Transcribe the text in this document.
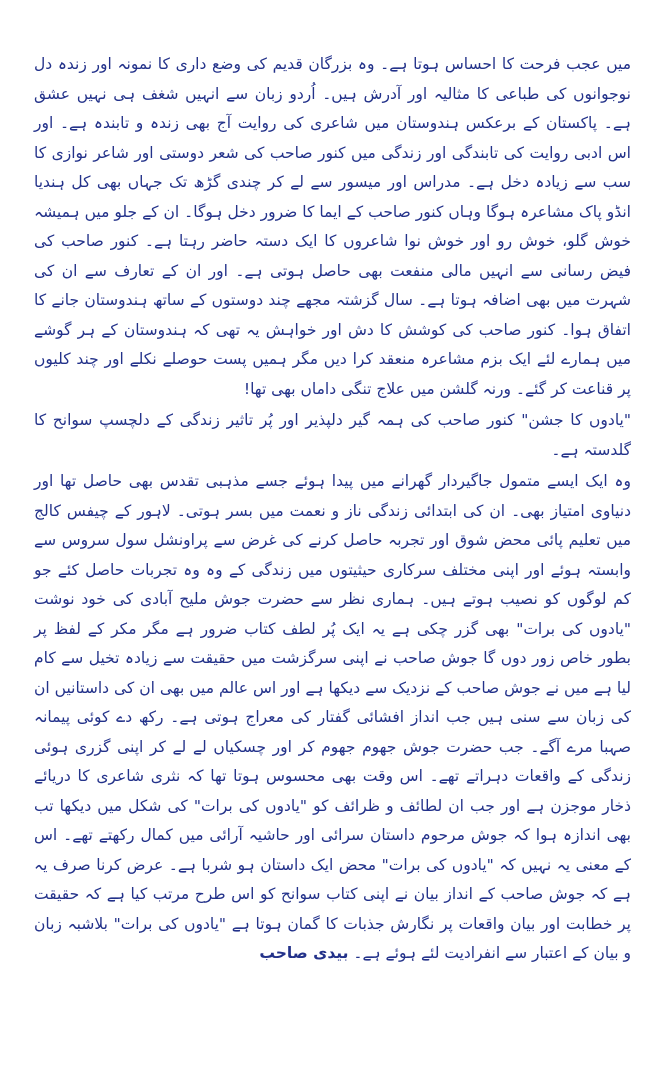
میں عجب فرحت کا احساس ہوتا ہے۔ وہ بزرگان قدیم کی وضع داری کا نمونہ اور زندہ دل نوجوانوں کی طباعی کا مثالیہ اور آدرش ہیں۔ اُردو زبان سے انہیں شغف ہی نہیں عشق ہے۔ پاکستان کے برعکس ہندوستان میں شاعری کی روایت آج بھی زندہ و تابندہ ہے۔ اور اس ادبی روایت کی تابندگی اور زندگی میں کنور صاحب کی شعر دوستی اور شاعر نوازی کا سب سے زیادہ دخل ہے۔ مدراس اور میسور سے لے کر چندی گڑھ تک جہاں بھی کل ہندیا انڈو پاک مشاعرہ ہوگا وہاں کنور صاحب کے ایما کا ضرور دخل ہوگا۔ ان کے جلو میں ہمیشہ خوش گلو، خوش رو اور خوش نوا شاعروں کا ایک دستہ حاضر رہتا ہے۔ کنور صاحب کی فیض رسانی سے انہیں مالی منفعت بھی حاصل ہوتی ہے۔ اور ان کے تعارف سے ان کی شہرت میں بھی اضافہ ہوتا ہے۔ سال گزشتہ مجھے چند دوستوں کے ساتھ ہندوستان جانے کا اتفاق ہوا۔ کنور صاحب کی کوشش کا دش اور خواہش یہ تھی کہ ہندوستان کے ہر گوشے میں ہمارے لئے ایک بزم مشاعرہ منعقد کرا دیں مگر ہمیں پست حوصلے نکلے اور چند کلیوں پر قناعت کر گئے۔ ورنہ گلشن میں علاج تنگی داماں بھی تھا!

"یادوں کا جشن" کنور صاحب کی ہمہ گیر دلپذیر اور پُر تاثیر زندگی کے دلچسپ سوانح کا گلدستہ ہے۔

وہ ایک ایسے متمول جاگیردار گھرانے میں پیدا ہوئے جسے مذہبی تقدس بھی حاصل تھا اور دنیاوی امتیاز بھی۔ ان کی ابتدائی زندگی ناز و نعمت میں بسر ہوتی۔ لاہور کے چیفس کالج میں تعلیم پائی محض شوق اور تجربہ حاصل کرنے کی غرض سے پراونشل سول سروس سے وابستہ ہوئے اور اپنی مختلف سرکاری حیثیتوں میں زندگی کے وہ وہ تجربات حاصل کئے جو کم لوگوں کو نصیب ہوتے ہیں۔ ہماری نظر سے حضرت جوش ملیح آبادی کی خود نوشت "یادوں کی برات" بھی گزر چکی ہے یہ ایک پُر لطف کتاب ضرور ہے مگر مکر کے لفظ پر بطور خاص زور دوں گا جوش صاحب نے اپنی سرگزشت میں حقیقت سے زیادہ تخیل سے کام لیا ہے میں نے جوش صاحب کے نزدیک سے دیکھا ہے اور اس عالم میں بھی ان کی داستانیں ان کی زبان سے سنی ہیں جب انداز افشائی گفتار کی معراج ہوتی ہے۔ رکھ دے کوئی پیمانہ صہبا مرے آگے۔ جب حضرت جوش جھوم جھوم کر اور چسکیاں لے لے کر اپنی گزری ہوئی زندگی کے واقعات دہراتے تھے۔ اس وقت بھی محسوس ہوتا تھا کہ نثری شاعری کا دریائے ذخار موجزن ہے اور جب ان لطائف و ظرائف کو "یادوں کی برات" کی شکل میں دیکھا تب بھی اندازہ ہوا کہ جوش مرحوم داستان سرائی اور حاشیہ آرائی میں کمال رکھتے تھے۔ اس کے معنی یہ نہیں کہ "یادوں کی برات" محض ایک داستان ہو شربا ہے۔ عرض کرنا صرف یہ ہے کہ جوش صاحب کے انداز بیان نے اپنی کتاب سوانح کو اس طرح مرتب کیا ہے کہ حقیقت پر خطابت اور بیان واقعات پر نگارش جذبات کا گمان ہوتا ہے "یادوں کی برات" بلاشبہ زبان و بیان کے اعتبار سے انفرادیت لئے ہوئے ہے۔ بیدی صاحب
